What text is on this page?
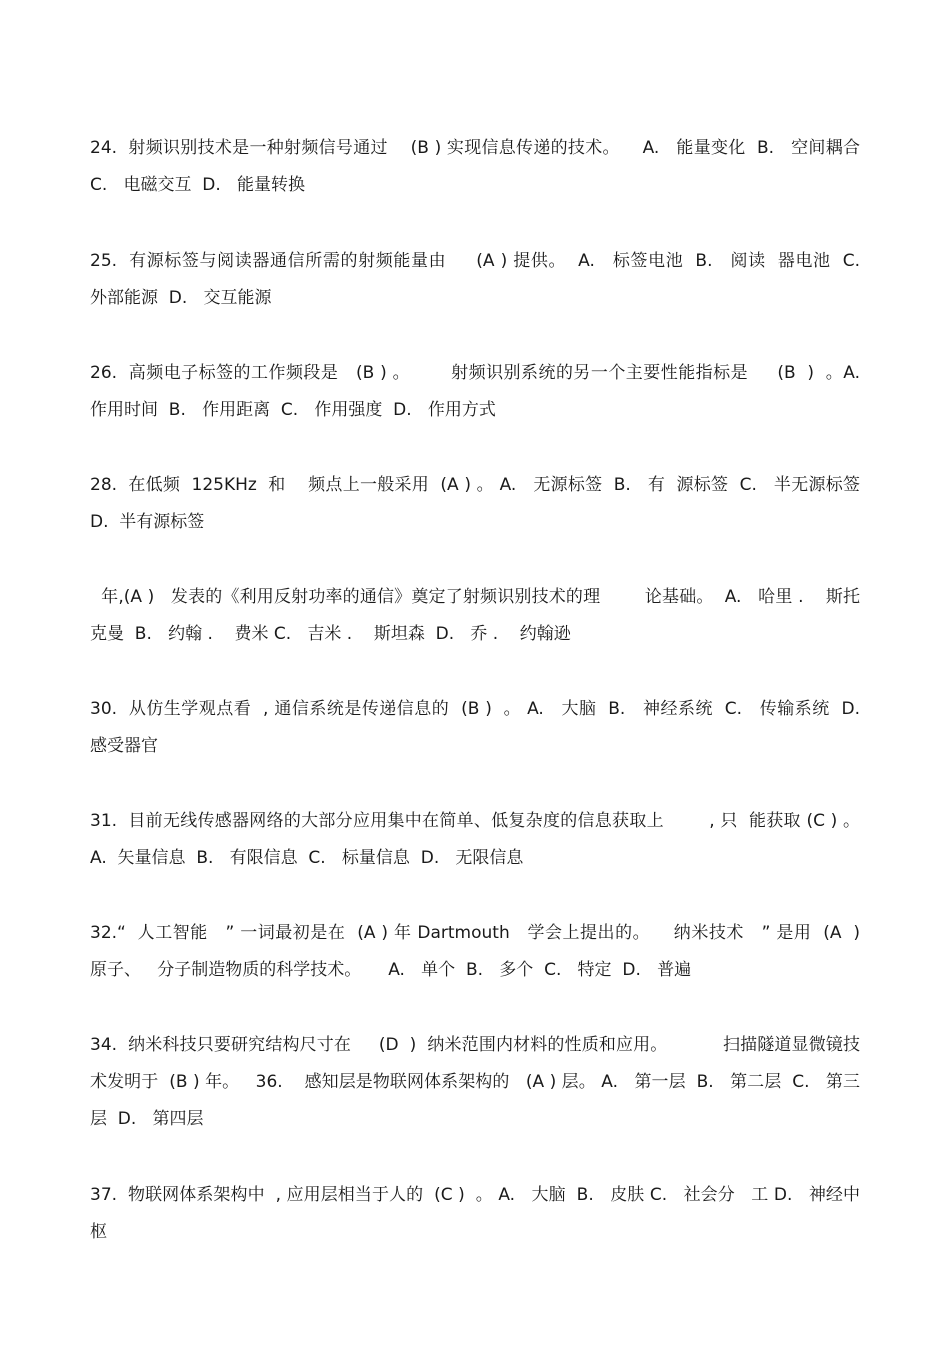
24.  射频识别技术是一种射频信号通过    (B ) 实现信息传递的技术。    A.   能量变化  B.   空间耦合 C.   电磁交互  D.   能量转换

25.  有源标签与阅读器通信所需的射频能量由     (A ) 提供。  A.   标签电池  B.   阅读  器电池  C.   外部能源  D.   交互能源

26.  高频电子标签的工作频段是   (B ) 。       射频识别系统的另一个主要性能指标是     (B  )  。A.   作用时间  B.   作用距离  C.   作用强度  D.   作用方式

28.  在低频  125KHz  和    频点上一般采用  (A ) 。 A.   无源标签  B.   有  源标签  C.   半无源标签  D.  半有源标签

年,(A )   发表的《利用反射功率的通信》奠定了射频识别技术的理        论基础。  A.   哈里 .    斯托克曼  B.   约翰 .    费米 C.   吉米 .    斯坦森  D.   乔 .    约翰逊

30.  从仿生学观点看  , 通信系统是传递信息的  (B )  。 A.   大脑  B.   神经系统  C.   传输系统  D.   感受器官

31.  目前无线传感器网络的大部分应用集中在简单、低复杂度的信息获取上        , 只  能获取 (C ) 。 A.  矢量信息  B.   有限信息  C.   标量信息  D.   无限信息

32.“  人工智能   ” 一词最初是在  (A ) 年 Dartmouth   学会上提出的。    纳米技术   ” 是用  (A  )  原子、   分子制造物质的科学技术。     A.   单个  B.   多个  C.   特定  D.   普遍

34.  纳米科技只要研究结构尺寸在     (D  )  纳米范围内材料的性质和应用。          扫描隧道显微镜技术发明于  (B ) 年。   36.    感知层是物联网体系架构的   (A ) 层。 A.   第一层  B.   第二层  C.   第三层  D.   第四层

37.  物联网体系架构中  , 应用层相当于人的  (C )  。 A.   大脑  B.   皮肤 C.   社会分   工 D.   神经中枢
